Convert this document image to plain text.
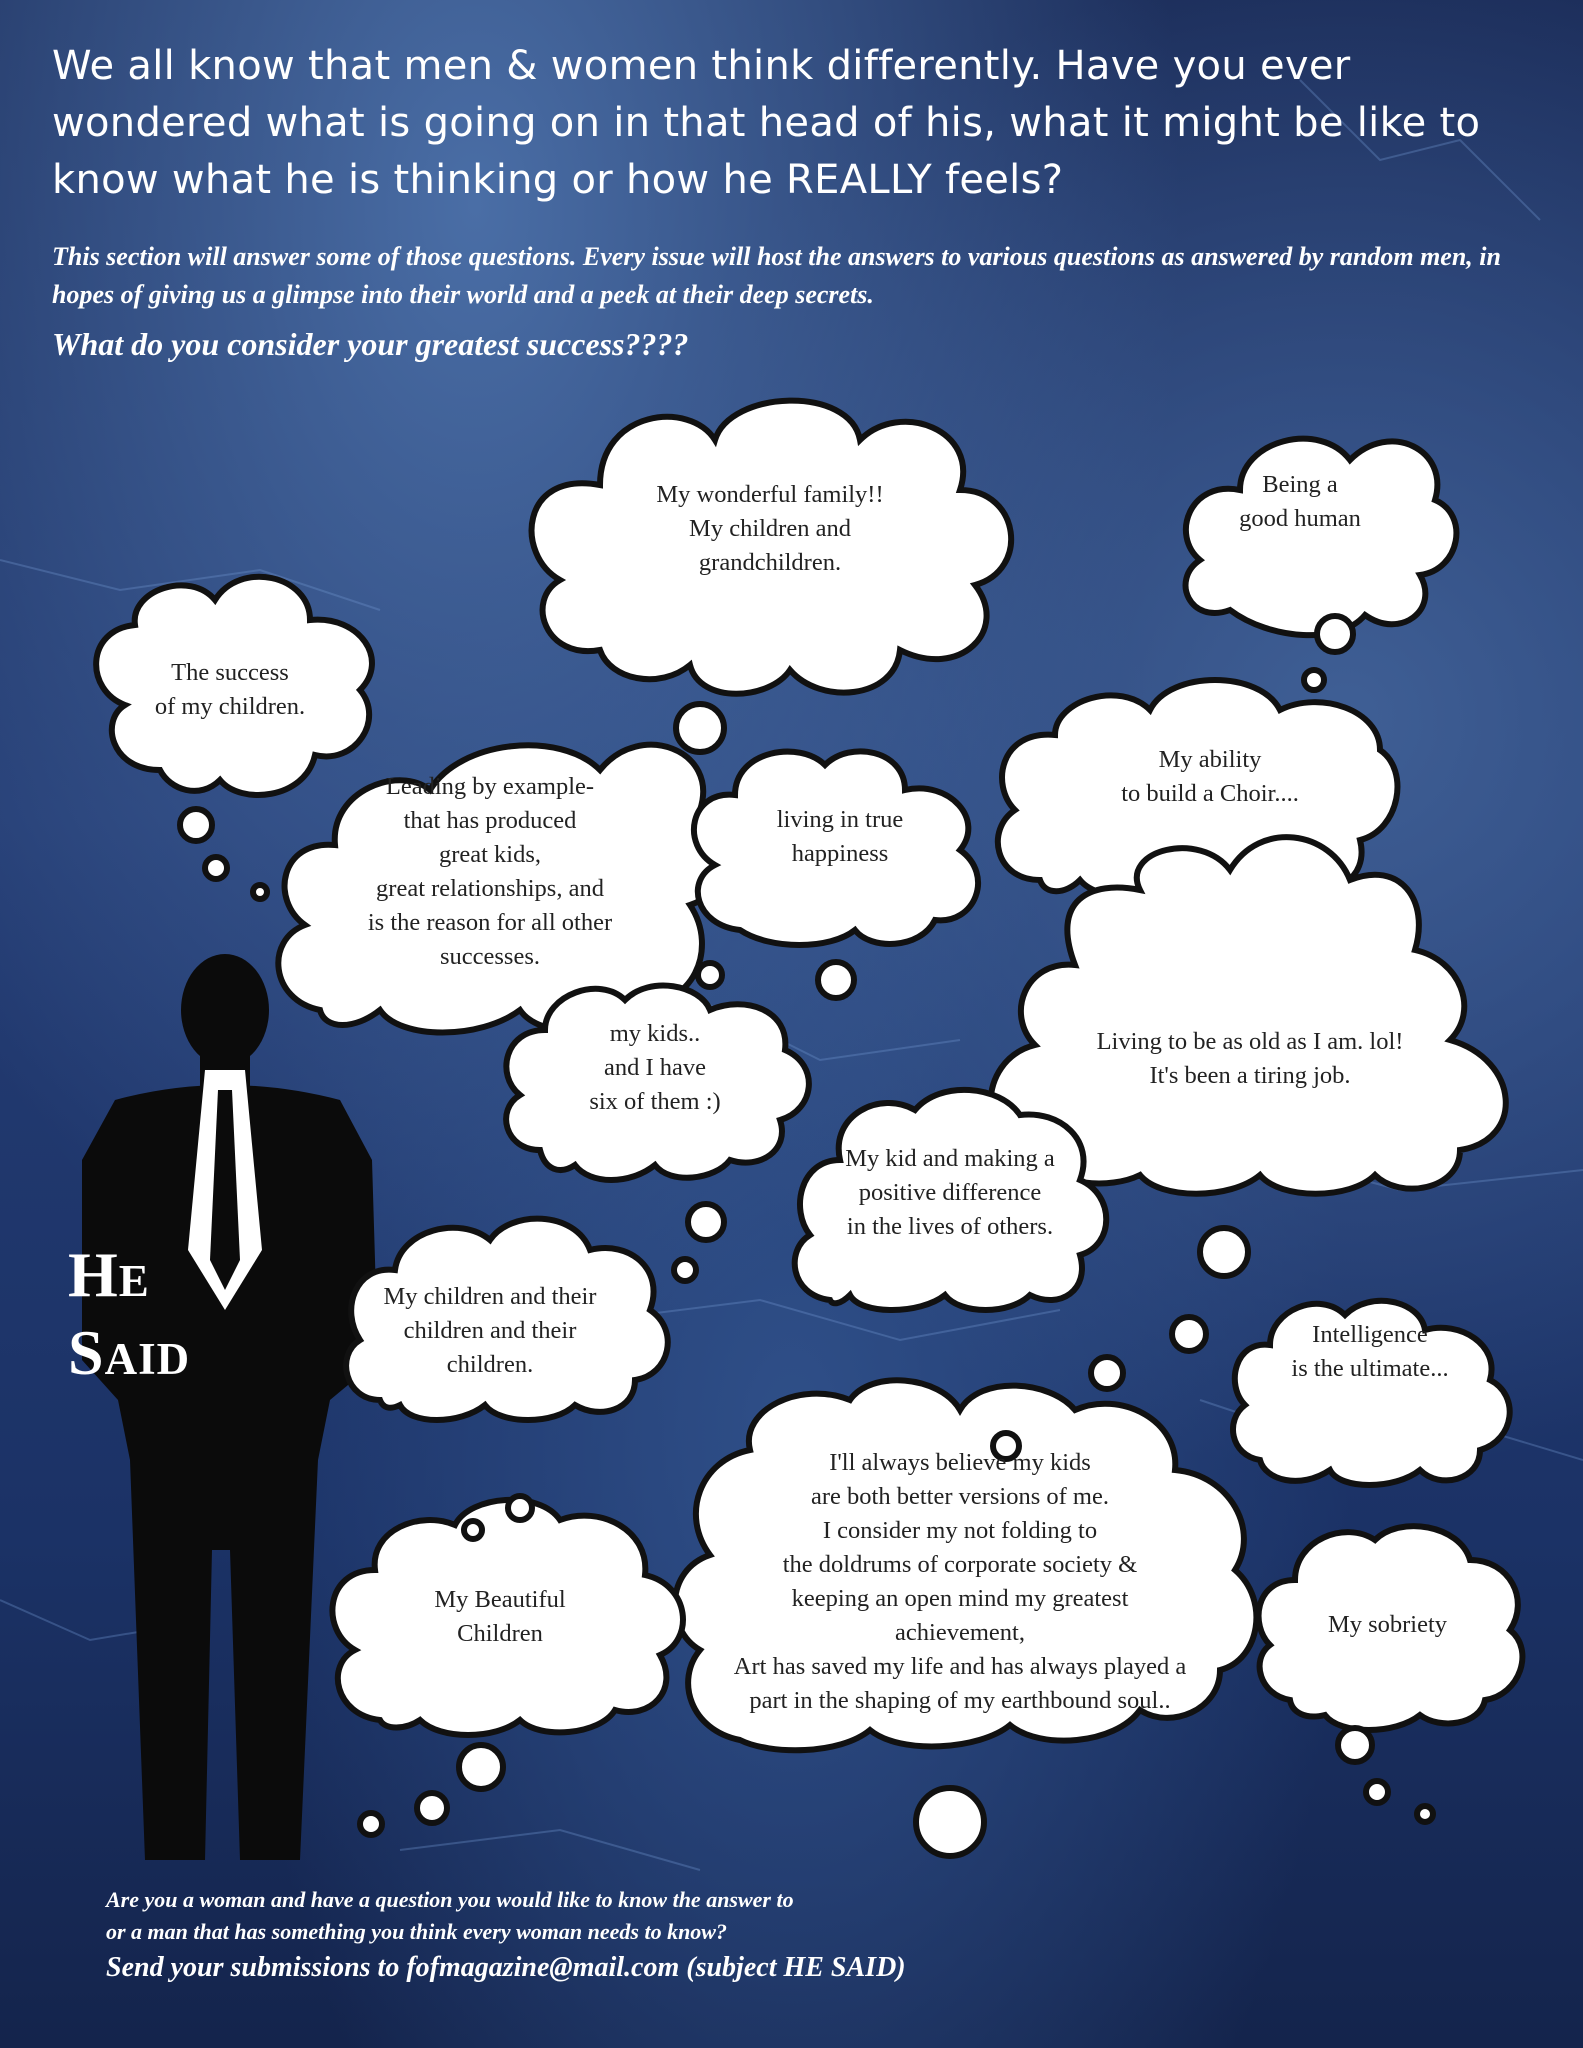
We all know that men & women think differently. Have you ever wondered what is going on in that head of his, what it might be like to know what he is thinking or how he REALLY feels?

This section will answer some of those questions. Every issue will host the answers to various questions as answered by random men, in hopes of giving us a glimpse into their world and a peek at their deep secrets.

What do you consider your greatest success????

My wonderful family!!
My children and
grandchildren.
Being a
good human
The success
of my children.
Leading by example-
that has produced
great kids,
great relationships, and
is the reason for all other
successes.
living in true
happiness
My ability
to build a Choir....
Living to be as old as I am. lol!
It's been a tiring job.
my kids..
and I have
six of them :)
My kid and making a
positive difference
in the lives of others.
My children and their
children and their
children.
Intelligence
is the ultimate...
I'll always believe my kids
are both better versions of me.
I consider my not folding to
the doldrums of corporate society &
keeping an open mind my greatest
achievement,
Art has saved my life and has always played a
part in the shaping of my earthbound soul..
My Beautiful
Children	My sobriety
He
Said
Are you a woman and have a question you would like to know the answer to
or a man that has something you think every woman needs to know?
Send your submissions to fofmagazine@mail.com (subject HE SAID)
